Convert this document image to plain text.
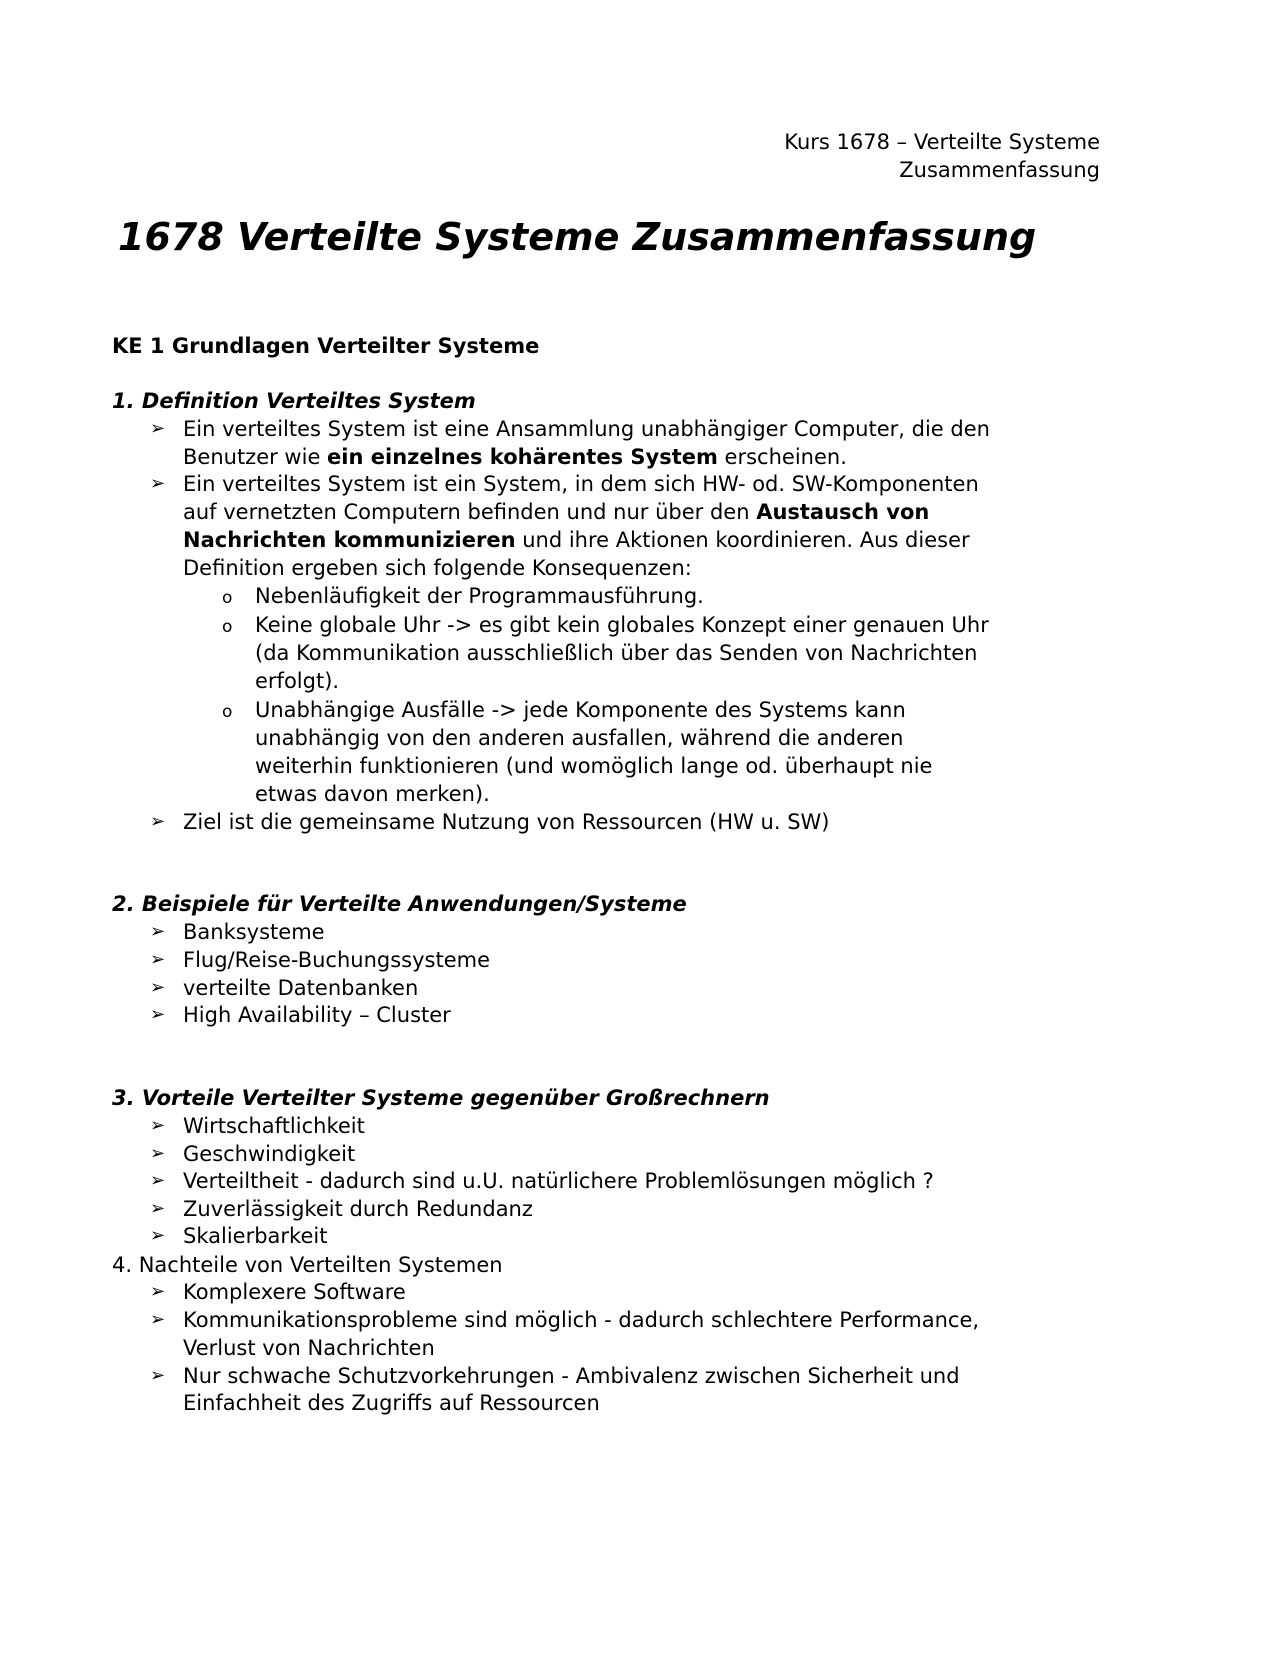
Kurs 1678 – Verteilte Systeme
Zusammenfassung
1678 Verteilte Systeme Zusammenfassung
KE 1 Grundlagen Verteilter Systeme
1. Definition Verteiltes System
➢ Ein verteiltes System ist eine Ansammlung unabhängiger Computer, die den
Benutzer wie ein einzelnes kohärentes System erscheinen.
➢ Ein verteiltes System ist ein System, in dem sich HW- od. SW-Komponenten
auf vernetzten Computern befinden und nur über den Austausch von
Nachrichten kommunizieren und ihre Aktionen koordinieren. Aus dieser
Definition ergeben sich folgende Konsequenzen:
o Nebenläufigkeit der Programmausführung.
o Keine globale Uhr -> es gibt kein globales Konzept einer genauen Uhr
(da Kommunikation ausschließlich über das Senden von Nachrichten
erfolgt).
o Unabhängige Ausfälle -> jede Komponente des Systems kann
unabhängig von den anderen ausfallen, während die anderen
weiterhin funktionieren (und womöglich lange od. überhaupt nie
etwas davon merken).
➢ Ziel ist die gemeinsame Nutzung von Ressourcen (HW u. SW)
2. Beispiele für Verteilte Anwendungen/Systeme
➢ Banksysteme
➢ Flug/Reise-Buchungssysteme
➢ verteilte Datenbanken
➢ High Availability – Cluster
3. Vorteile Verteilter Systeme gegenüber Großrechnern
➢ Wirtschaftlichkeit
➢ Geschwindigkeit
➢ Verteiltheit - dadurch sind u.U. natürlichere Problemlösungen möglich ?
➢ Zuverlässigkeit durch Redundanz
➢ Skalierbarkeit
4. Nachteile von Verteilten Systemen
➢ Komplexere Software
➢ Kommunikationsprobleme sind möglich - dadurch schlechtere Performance,
Verlust von Nachrichten
➢ Nur schwache Schutzvorkehrungen - Ambivalenz zwischen Sicherheit und
Einfachheit des Zugriffs auf Ressourcen
